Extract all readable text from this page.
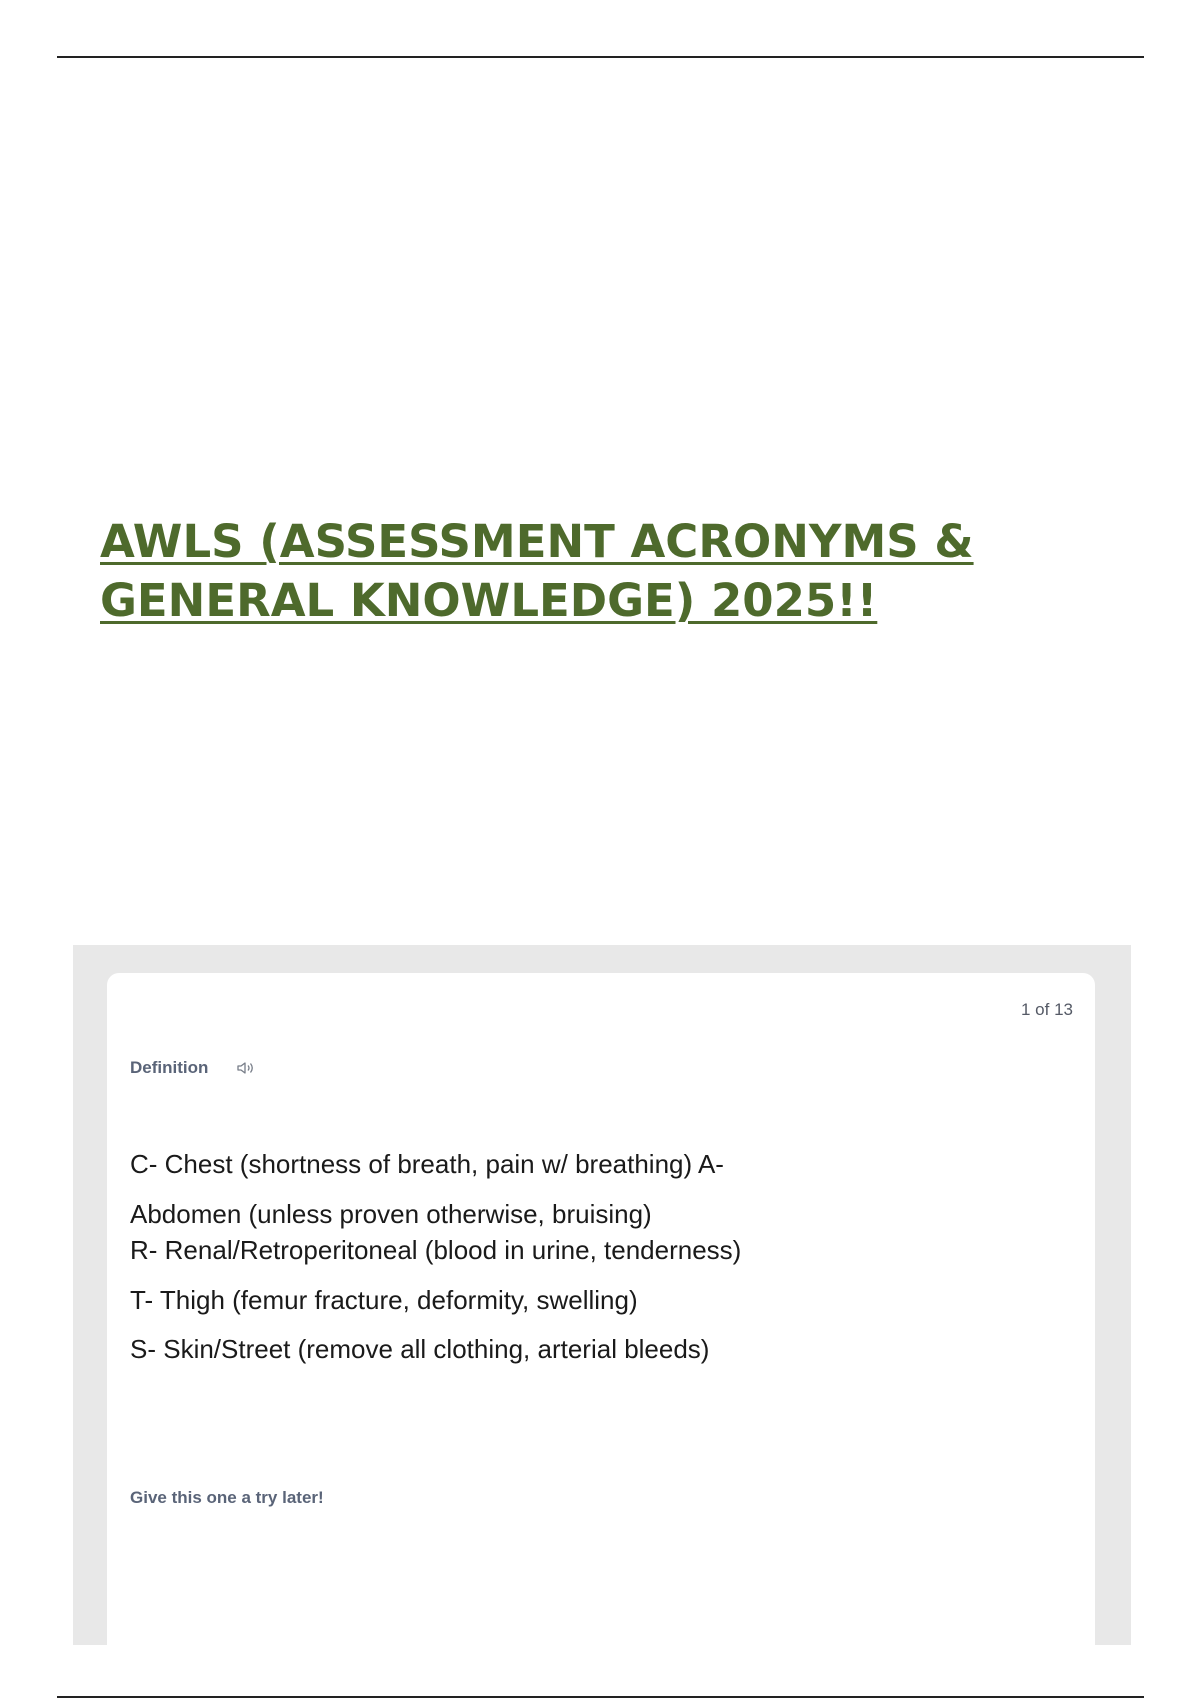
AWLS (ASSESSMENT ACRONYMS &
GENERAL KNOWLEDGE) 2025!!
1 of 13
Definition
C- Chest (shortness of breath, pain w/ breathing) A-
Abdomen (unless proven otherwise, bruising)
R- Renal/Retroperitoneal (blood in urine, tenderness)
T- Thigh (femur fracture, deformity, swelling)
S- Skin/Street (remove all clothing, arterial bleeds)
Give this one a try later!
